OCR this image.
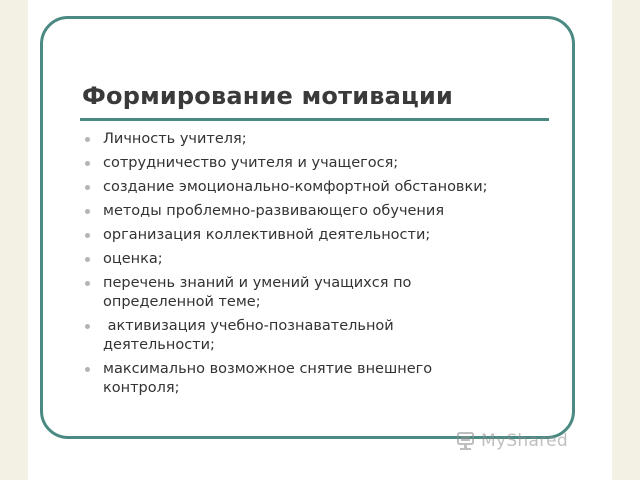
Формирование мотивации
Личность учителя;
сотрудничество учителя и учащегося;
создание эмоционально-комфортной обстановки;
методы проблемно-развивающего обучения
организация коллективной деятельности;
оценка;
перечень знаний и умений учащихся по
определенной теме;
активизация учебно-познавательной
деятельности;
максимально возможное снятие внешнего
контроля;
MyShared
